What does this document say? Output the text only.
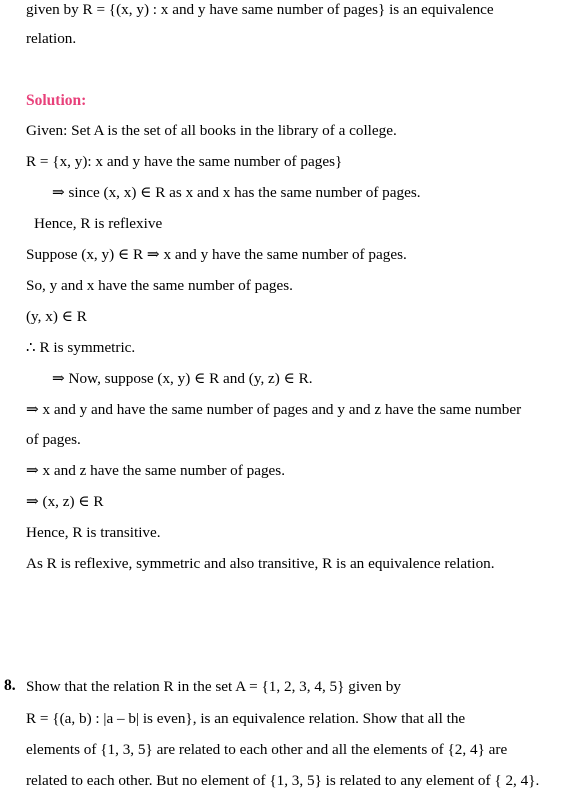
given by R = {(x, y) : x and y have same number of pages} is an equivalence
relation.
Solution:
Given: Set A is the set of all books in the library of a college.
R = {x, y): x and y have the same number of pages}
⇒ since (x, x) ∈ R as x and x has the same number of pages.
Hence, R is reflexive
Suppose (x, y) ∈ R ⇒ x and y have the same number of pages.
So, y and x have the same number of pages.
(y, x) ∈ R
∴ R is symmetric.
⇒ Now, suppose (x, y) ∈ R and (y, z) ∈ R.
⇒ x and y and have the same number of pages and y and z have the same number
of pages.
⇒ x and z have the same number of pages.
⇒ (x, z) ∈ R
Hence, R is transitive.
As R is reflexive, symmetric and also transitive, R is an equivalence relation.
8. Show that the relation R in the set A = {1, 2, 3, 4, 5} given by
R = {(a, b) : |a – b| is even}, is an equivalence relation. Show that all the
elements of {1, 3, 5} are related to each other and all the elements of {2, 4} are
related to each other. But no element of {1, 3, 5} is related to any element of { 2, 4}.
